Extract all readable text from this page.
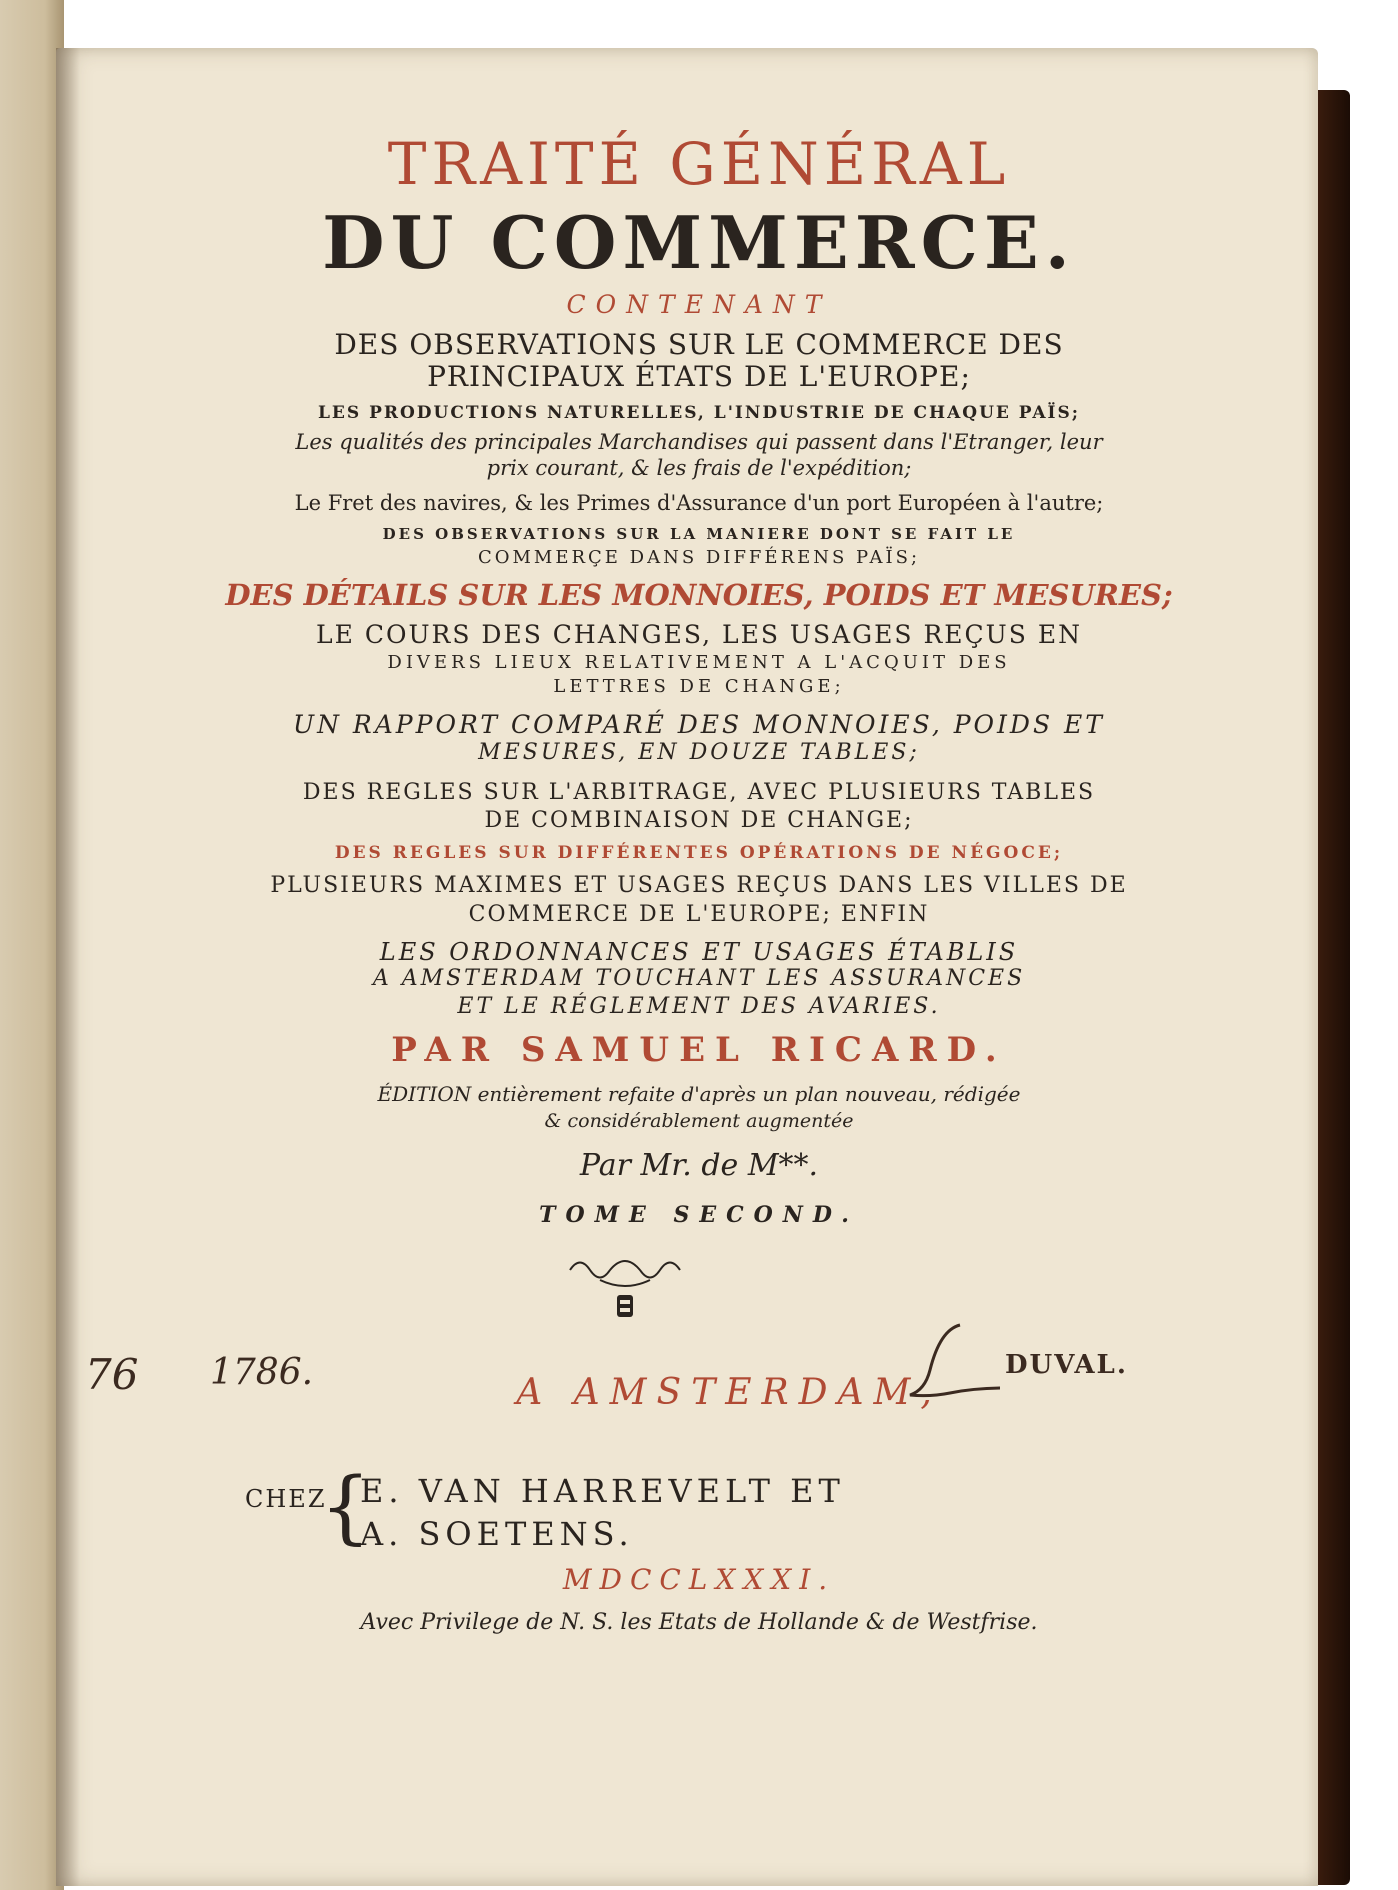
TRAITÉ GÉNÉRAL
DU COMMERCE.
CONTENANT
DES OBSERVATIONS SUR LE COMMERCE DES
PRINCIPAUX ÉTATS DE L'EUROPE;
LES PRODUCTIONS NATURELLES, L'INDUSTRIE DE CHAQUE PAÏS;
Les qualités des principales Marchandises qui passent dans l'Etranger, leur
prix courant, & les frais de l'expédition;
Le Fret des navires, & les Primes d'Assurance d'un port Européen à l'autre;
DES OBSERVATIONS SUR LA MANIERE DONT SE FAIT LE
COMMERÇE DANS DIFFÉRENS PAÏS;
DES DÉTAILS SUR LES MONNOIES, POIDS ET MESURES;
LE COURS DES CHANGES, LES USAGES REÇUS EN
DIVERS LIEUX RELATIVEMENT A L'ACQUIT DES
LETTRES DE CHANGE;
UN RAPPORT COMPARÉ DES MONNOIES, POIDS ET
MESURES, EN DOUZE TABLES;
DES REGLES SUR L'ARBITRAGE, AVEC PLUSIEURS TABLES
DE COMBINAISON DE CHANGE;
DES REGLES SUR DIFFÉRENTES OPÉRATIONS DE NÉGOCE;
PLUSIEURS MAXIMES ET USAGES REÇUS DANS LES VILLES DE
COMMERCE DE L'EUROPE; ENFIN
LES ORDONNANCES ET USAGES ÉTABLIS
A AMSTERDAM TOUCHANT LES ASSURANCES
ET LE RÉGLEMENT DES AVARIES.
PAR SAMUEL RICARD.
ÉDITION entièrement refaite d'après un plan nouveau, rédigée
& considérablement augmentée
Par Mr. de M**.
TOME SECOND.
76 1786.	A AMSTERDAM,
DUVAL.
CHEZ
{
E. VAN HARREVELT ET
A. SOETENS.
MDCCLXXXI.
Avec Privilege de N. S. les Etats de Hollande & de Westfrise.
